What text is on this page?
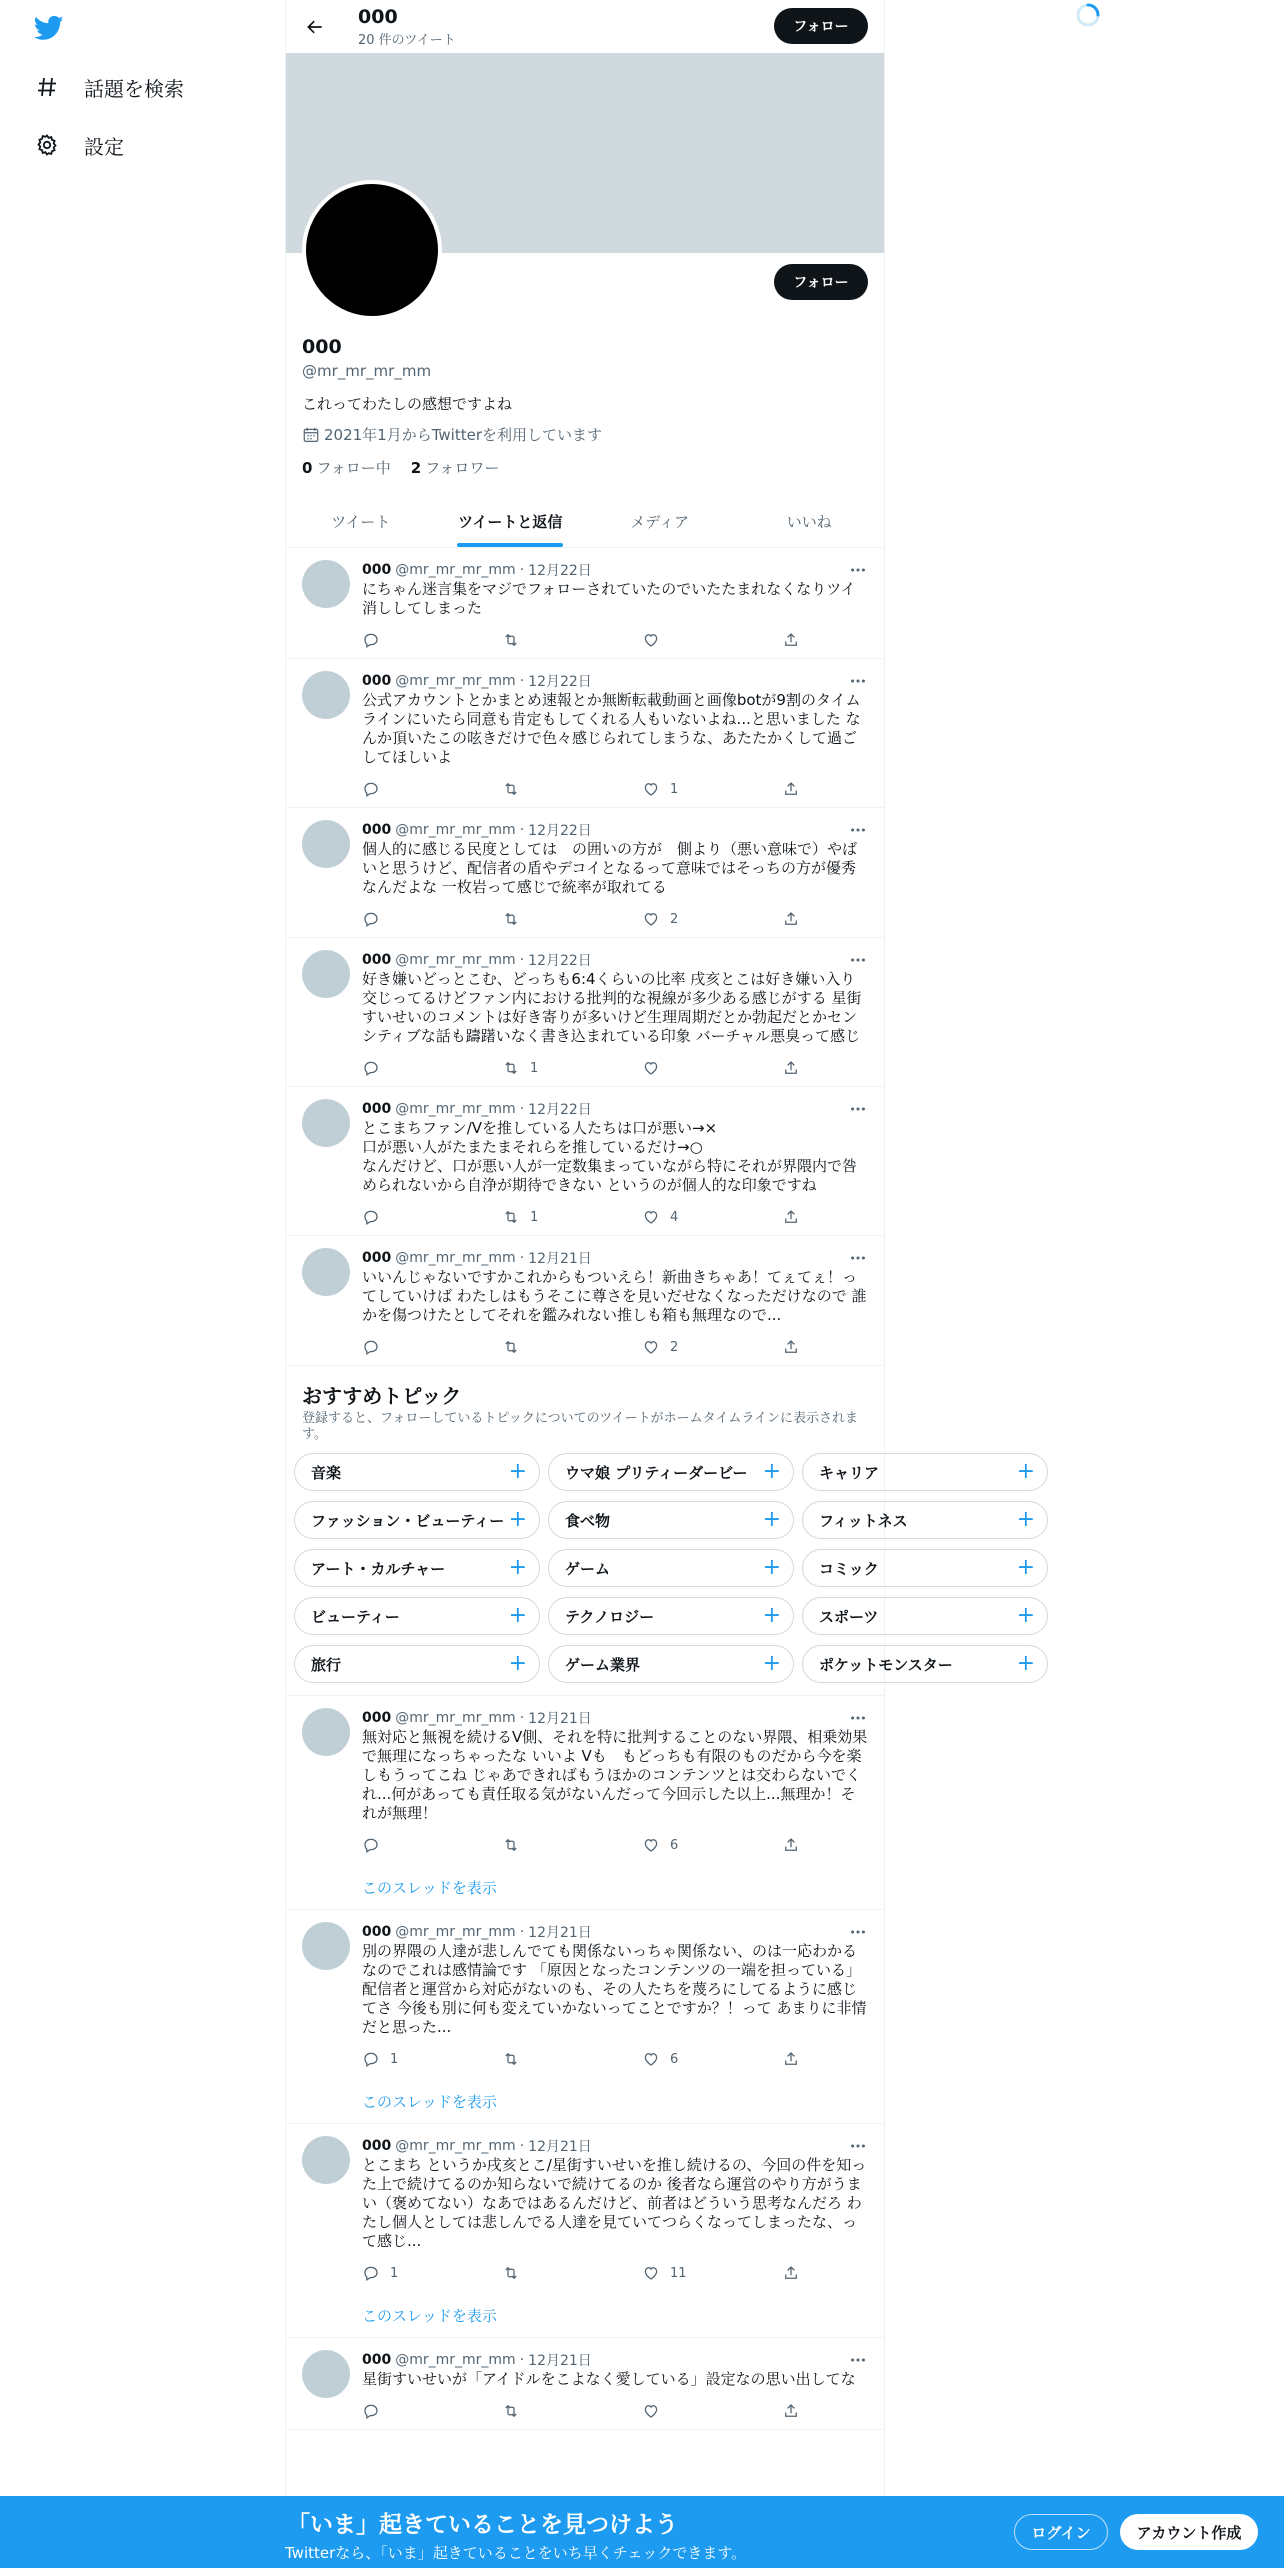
話題を検索
設定
000
20 件のツイート
フォロー
フォロー
000
@mr_mr_mr_mm
これってわたしの感想ですよね
2021年1月からTwitterを利用しています
0 フォロー中 2 フォロワー
ツイート	ツイートと返信	メディア	いいね
000 @mr_mr_mr_mm · 12月22日
にちゃん迷言集をマジでフォローされていたのでいたたまれなくなりツイ消ししてしまった
000 @mr_mr_mr_mm · 12月22日
公式アカウントとかまとめ速報とか無断転載動画と画像botが9割のタイムラインにいたら同意も肯定もしてくれる人もいないよね...と思いました なんか頂いたこの呟きだけで色々感じられてしまうな、あたたかくして過ごしてほしいよ
1
000 @mr_mr_mr_mm · 12月22日
個人的に感じる民度としては　の囲いの方が　側より（悪い意味で）やばいと思うけど、配信者の盾やデコイとなるって意味ではそっちの方が優秀なんだよな 一枚岩って感じで統率が取れてる
2
000 @mr_mr_mr_mm · 12月22日
好き嫌いどっとこむ、どっちも6:4くらいの比率 戌亥とこは好き嫌い入り交じってるけどファン内における批判的な視線が多少ある感じがする 星街すいせいのコメントは好き寄りが多いけど生理周期だとか勃起だとかセンシティブな話も躊躇いなく書き込まれている印象 バーチャル悪臭って感じ
1
000 @mr_mr_mr_mm · 12月22日
とこまちファン/Vを推している人たちは口が悪い→×
口が悪い人がたまたまそれらを推しているだけ→○
なんだけど、口が悪い人が一定数集まっていながら特にそれが界隈内で咎められないから自浄が期待できない というのが個人的な印象ですね
1	4
000 @mr_mr_mr_mm · 12月21日
いいんじゃないですかこれからもついえら！新曲きちゃあ！てぇてぇ！ってしていけば わたしはもうそこに尊さを見いだせなくなっただけなので 誰かを傷つけたとしてそれを鑑みれない推しも箱も無理なので...
2
おすすめトピック
登録すると、フォローしているトピックについてのツイートがホームタイムラインに表示されます。
音楽	+	ウマ娘 プリティーダービー +	キャリア	+
ファッション・ビューティー +	食べ物	+	フィットネス	+
アート・カルチャー	+	ゲーム	+	コミック	+
ビューティー	+	テクノロジー	+	スポーツ	+
旅行	+	ゲーム業界	+	ポケットモンスター	+
000 @mr_mr_mr_mm · 12月21日
無対応と無視を続けるV側、それを特に批判することのない界隈、相乗効果で無理になっちゃったな いいよ Vも　もどっちも有限のものだから今を楽しもうってこね じゃあできればもうほかのコンテンツとは交わらないでくれ...何があっても責任取る気がないんだって今回示した以上...無理か！それが無理！
6
このスレッドを表示
000 @mr_mr_mr_mm · 12月21日
別の界隈の人達が悲しんでても関係ないっちゃ関係ない、のは一応わかるなのでこれは感情論です 「原因となったコンテンツの一端を担っている」配信者と運営から対応がないのも、その人たちを蔑ろにしてるように感じてさ 今後も別に何も変えていかないってことですか？！って あまりに非情だと思った...
1	6
このスレッドを表示
000 @mr_mr_mr_mm · 12月21日
とこまち というか戌亥とこ/星街すいせいを推し続けるの、今回の件を知った上で続けてるのか知らないで続けてるのか 後者なら運営のやり方がうまい（褒めてない）なあではあるんだけど、前者はどういう思考なんだろ わたし個人としては悲しんでる人達を見ていてつらくなってしまったな、って感じ...
1	11
このスレッドを表示
000 @mr_mr_mr_mm · 12月21日
星街すいせいが「アイドルをこよなく愛している」設定なの思い出してな
「いま」起きていることを見つけよう
Twitterなら、「いま」起きていることをいち早くチェックできます。
ログイン	アカウント作成
